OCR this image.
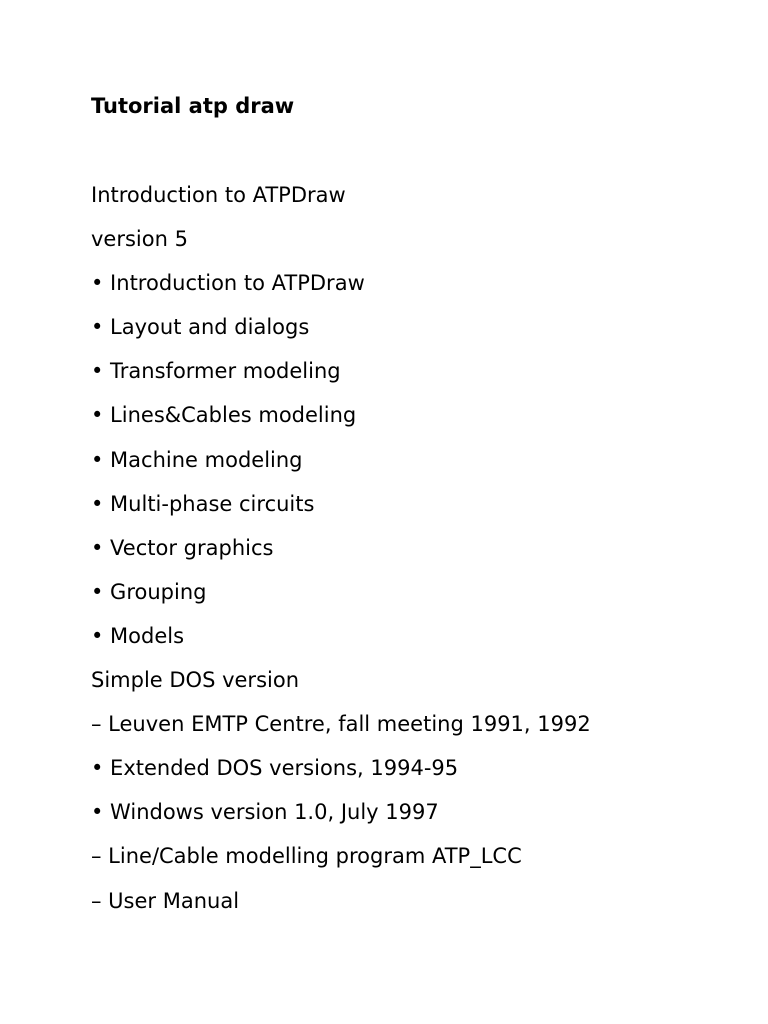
Tutorial atp draw
Introduction to ATPDraw
version 5
• Introduction to ATPDraw
• Layout and dialogs
• Transformer modeling
• Lines&Cables modeling
• Machine modeling
• Multi-phase circuits
• Vector graphics
• Grouping
• Models
Simple DOS version
– Leuven EMTP Centre, fall meeting 1991, 1992
• Extended DOS versions, 1994-95
• Windows version 1.0, July 1997
– Line/Cable modelling program ATP_LCC
– User Manual
